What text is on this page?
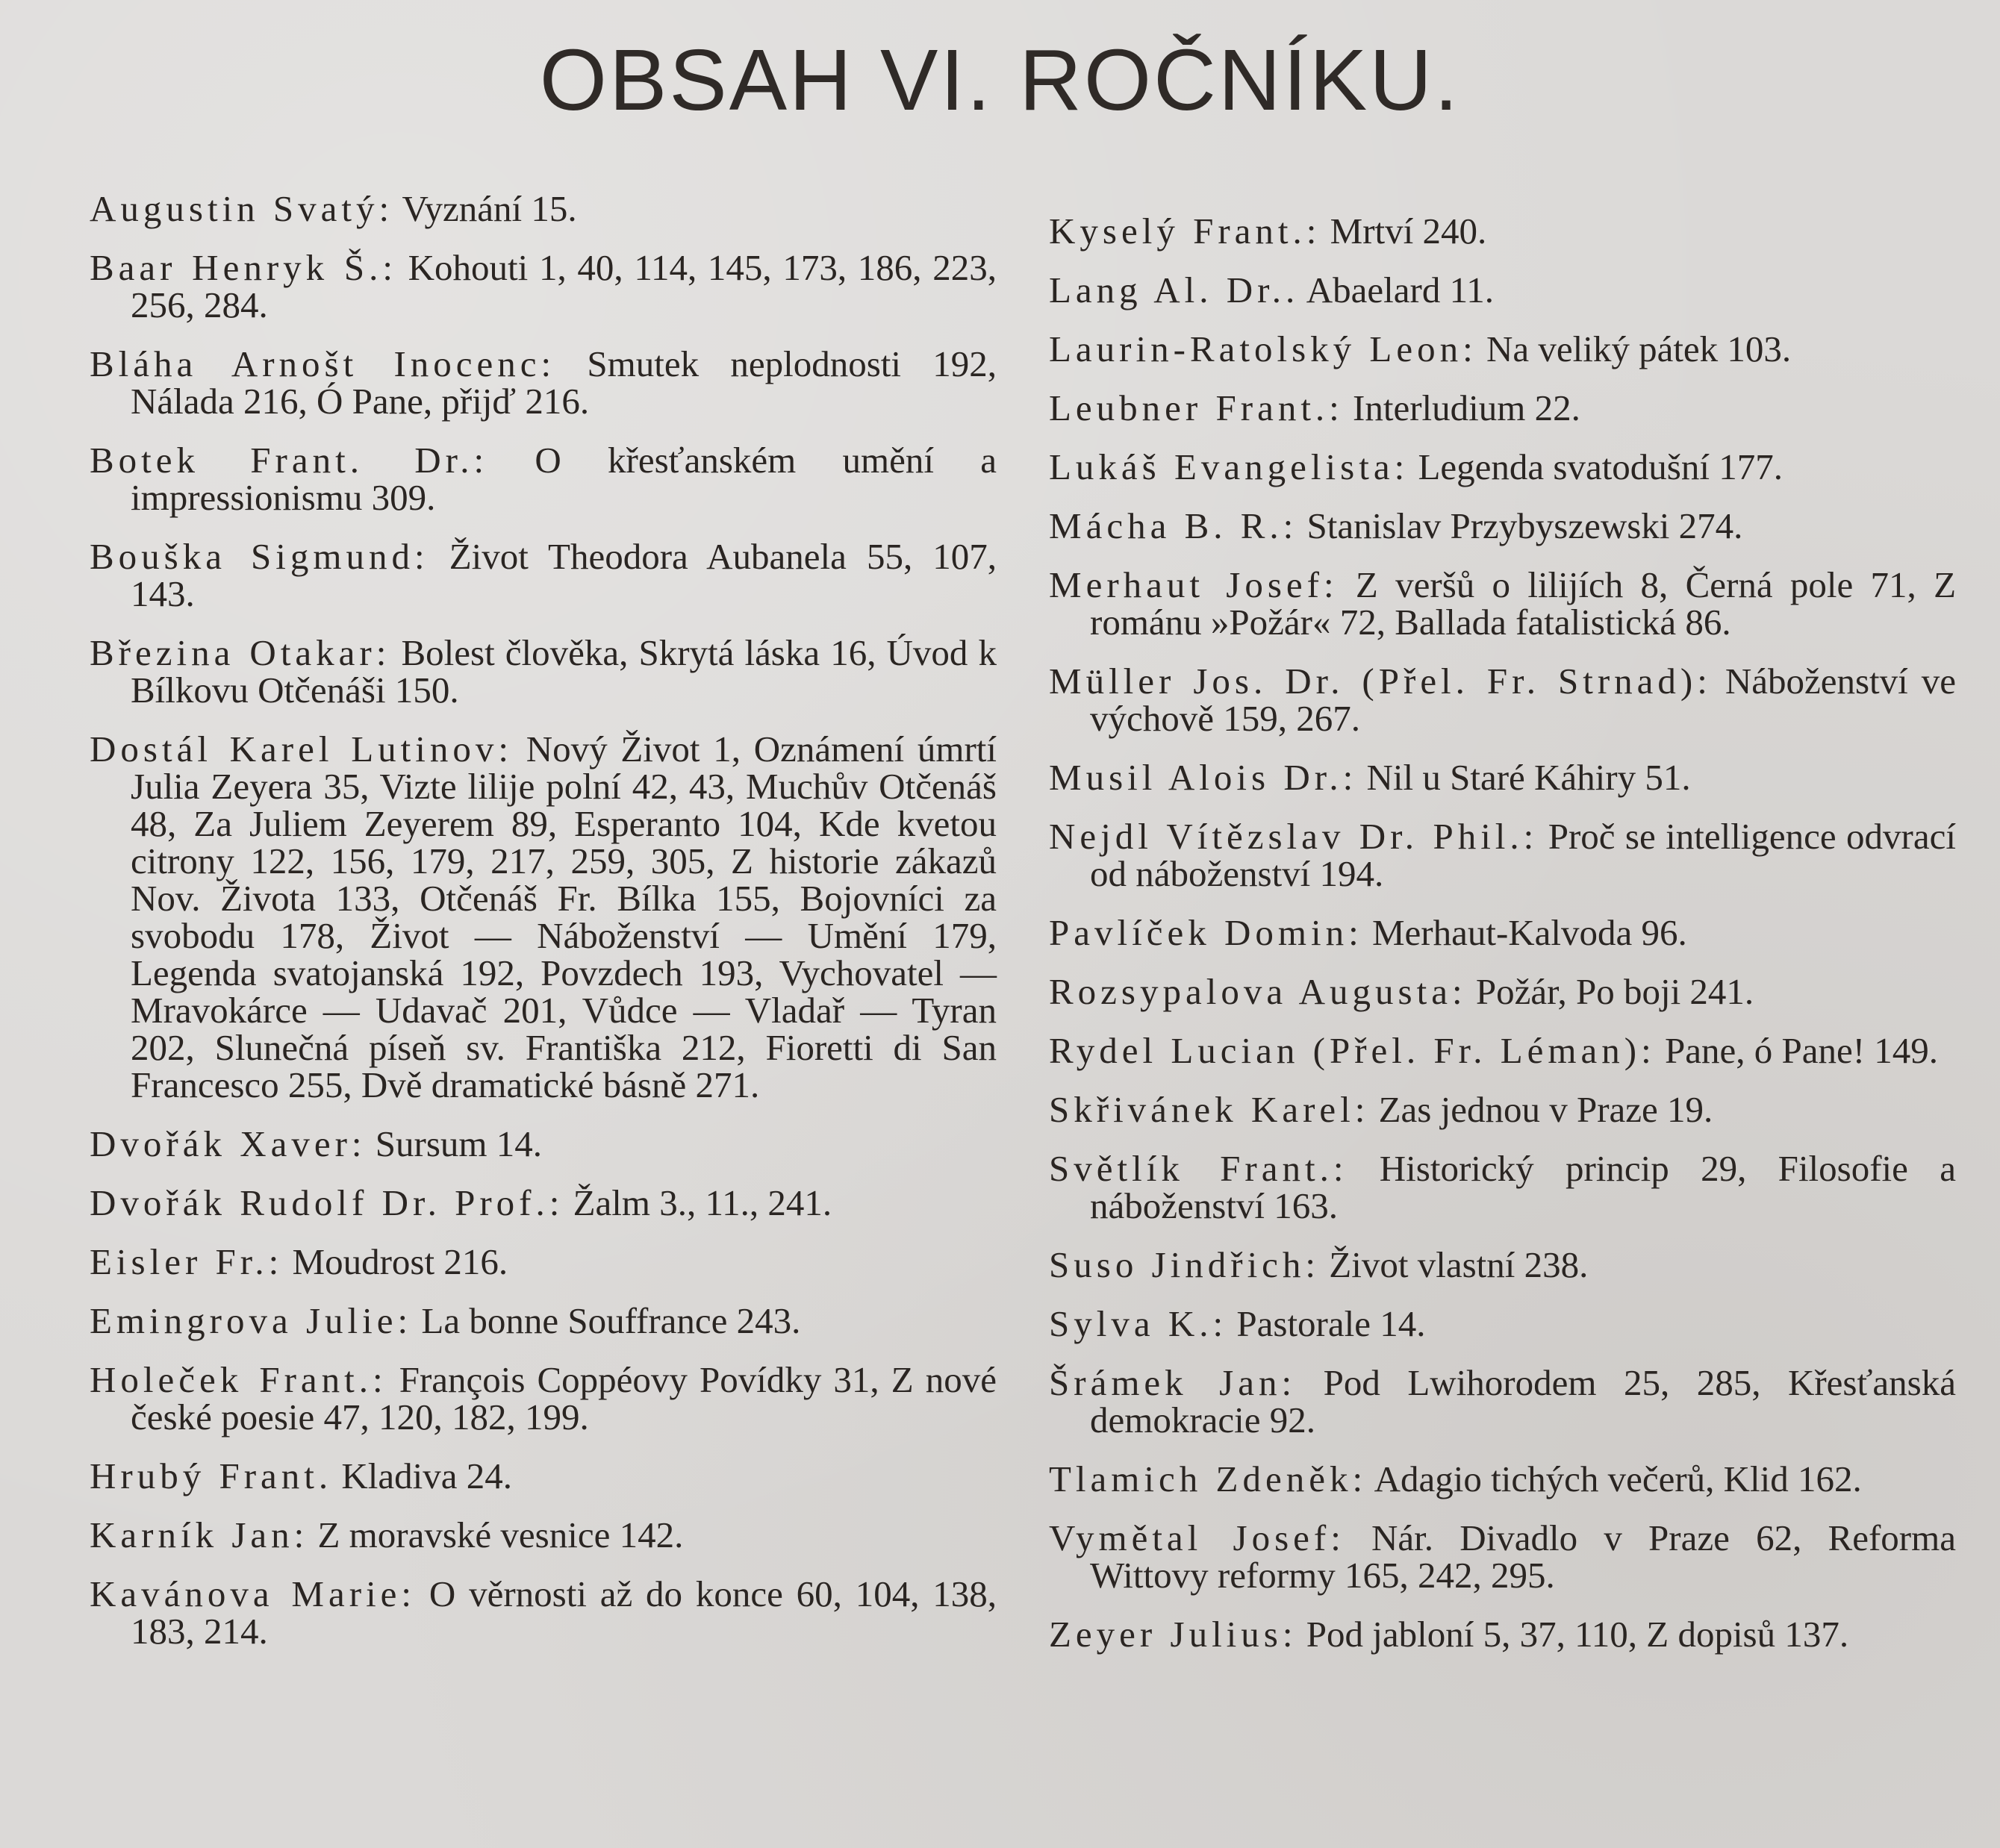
OBSAH VI. ROČNÍKU.
Augustin Svatý: Vyznání 15.
Baar Henryk Š.: Kohouti 1, 40, 114, 145, 173, 186, 223, 256, 284.
Bláha Arnošt Inocenc: Smutek neplodnosti 192, Nálada 216, Ó Pane, přijď 216.
Botek Frant. Dr.: O křesťanském umění a impressionismu 309.
Bouška Sigmund: Život Theodora Aubanela 55, 107, 143.
Březina Otakar: Bolest člověka, Skrytá láska 16, Úvod k Bílkovu Otčenáši 150.
Dostál Karel Lutinov: Nový Život 1, Oznámení úmrtí Julia Zeyera 35, Vizte lilije polní 42, 43, Muchův Otčenáš 48, Za Juliem Zeyerem 89, Esperanto 104, Kde kvetou citrony 122, 156, 179, 217, 259, 305, Z historie zákazů Nov. Života 133, Otčenáš Fr. Bílka 155, Bojovníci za svobodu 178, Život — Náboženství — Umění 179, Legenda svatojanská 192, Povzdech 193, Vychovatel — Mravokárce — Udavač 201, Vůdce — Vladař — Tyran 202, Slunečná píseň sv. Františka 212, Fioretti di San Francesco 255, Dvě dramatické básně 271.
Dvořák Xaver: Sursum 14.
Dvořák Rudolf Dr. Prof.: Žalm 3., 11., 241.
Eisler Fr.: Moudrost 216.
Emingrova Julie: La bonne Souffrance 243.
Holeček Frant.: François Coppéovy Povídky 31, Z nové české poesie 47, 120, 182, 199.
Hrubý Frant. Kladiva 24.
Karník Jan: Z moravské vesnice 142.
Kavánova Marie: O věrnosti až do konce 60, 104, 138, 183, 214.
Kyselý Frant.: Mrtví 240.
Lang Al. Dr.. Abaelard 11.
Laurin-Ratolský Leon: Na veliký pátek 103.
Leubner Frant.: Interludium 22.
Lukáš Evangelista: Legenda svatodušní 177.
Mácha B. R.: Stanislav Przybyszewski 274.
Merhaut Josef: Z veršů o lilijích 8, Černá pole 71, Z románu »Požár« 72, Ballada fatalistická 86.
Müller Jos. Dr. (Přel. Fr. Strnad): Náboženství ve výchově 159, 267.
Musil Alois Dr.: Nil u Staré Káhiry 51.
Nejdl Vítězslav Dr. Phil.: Proč se intelligence odvrací od náboženství 194.
Pavlíček Domin: Merhaut-Kalvoda 96.
Rozsypalova Augusta: Požár, Po boji 241.
Rydel Lucian (Přel. Fr. Léman): Pane, ó Pane! 149.
Skřivánek Karel: Zas jednou v Praze 19.
Světlík Frant.: Historický princip 29, Filosofie a náboženství 163.
Suso Jindřich: Život vlastní 238.
Sylva K.: Pastorale 14.
Šrámek Jan: Pod Lwihorodem 25, 285, Křesťanská demokracie 92.
Tlamich Zdeněk: Adagio tichých večerů, Klid 162.
Vymětal Josef: Nár. Divadlo v Praze 62, Reforma Wittovy reformy 165, 242, 295.
Zeyer Julius: Pod jabloní 5, 37, 110, Z dopisů 137.
